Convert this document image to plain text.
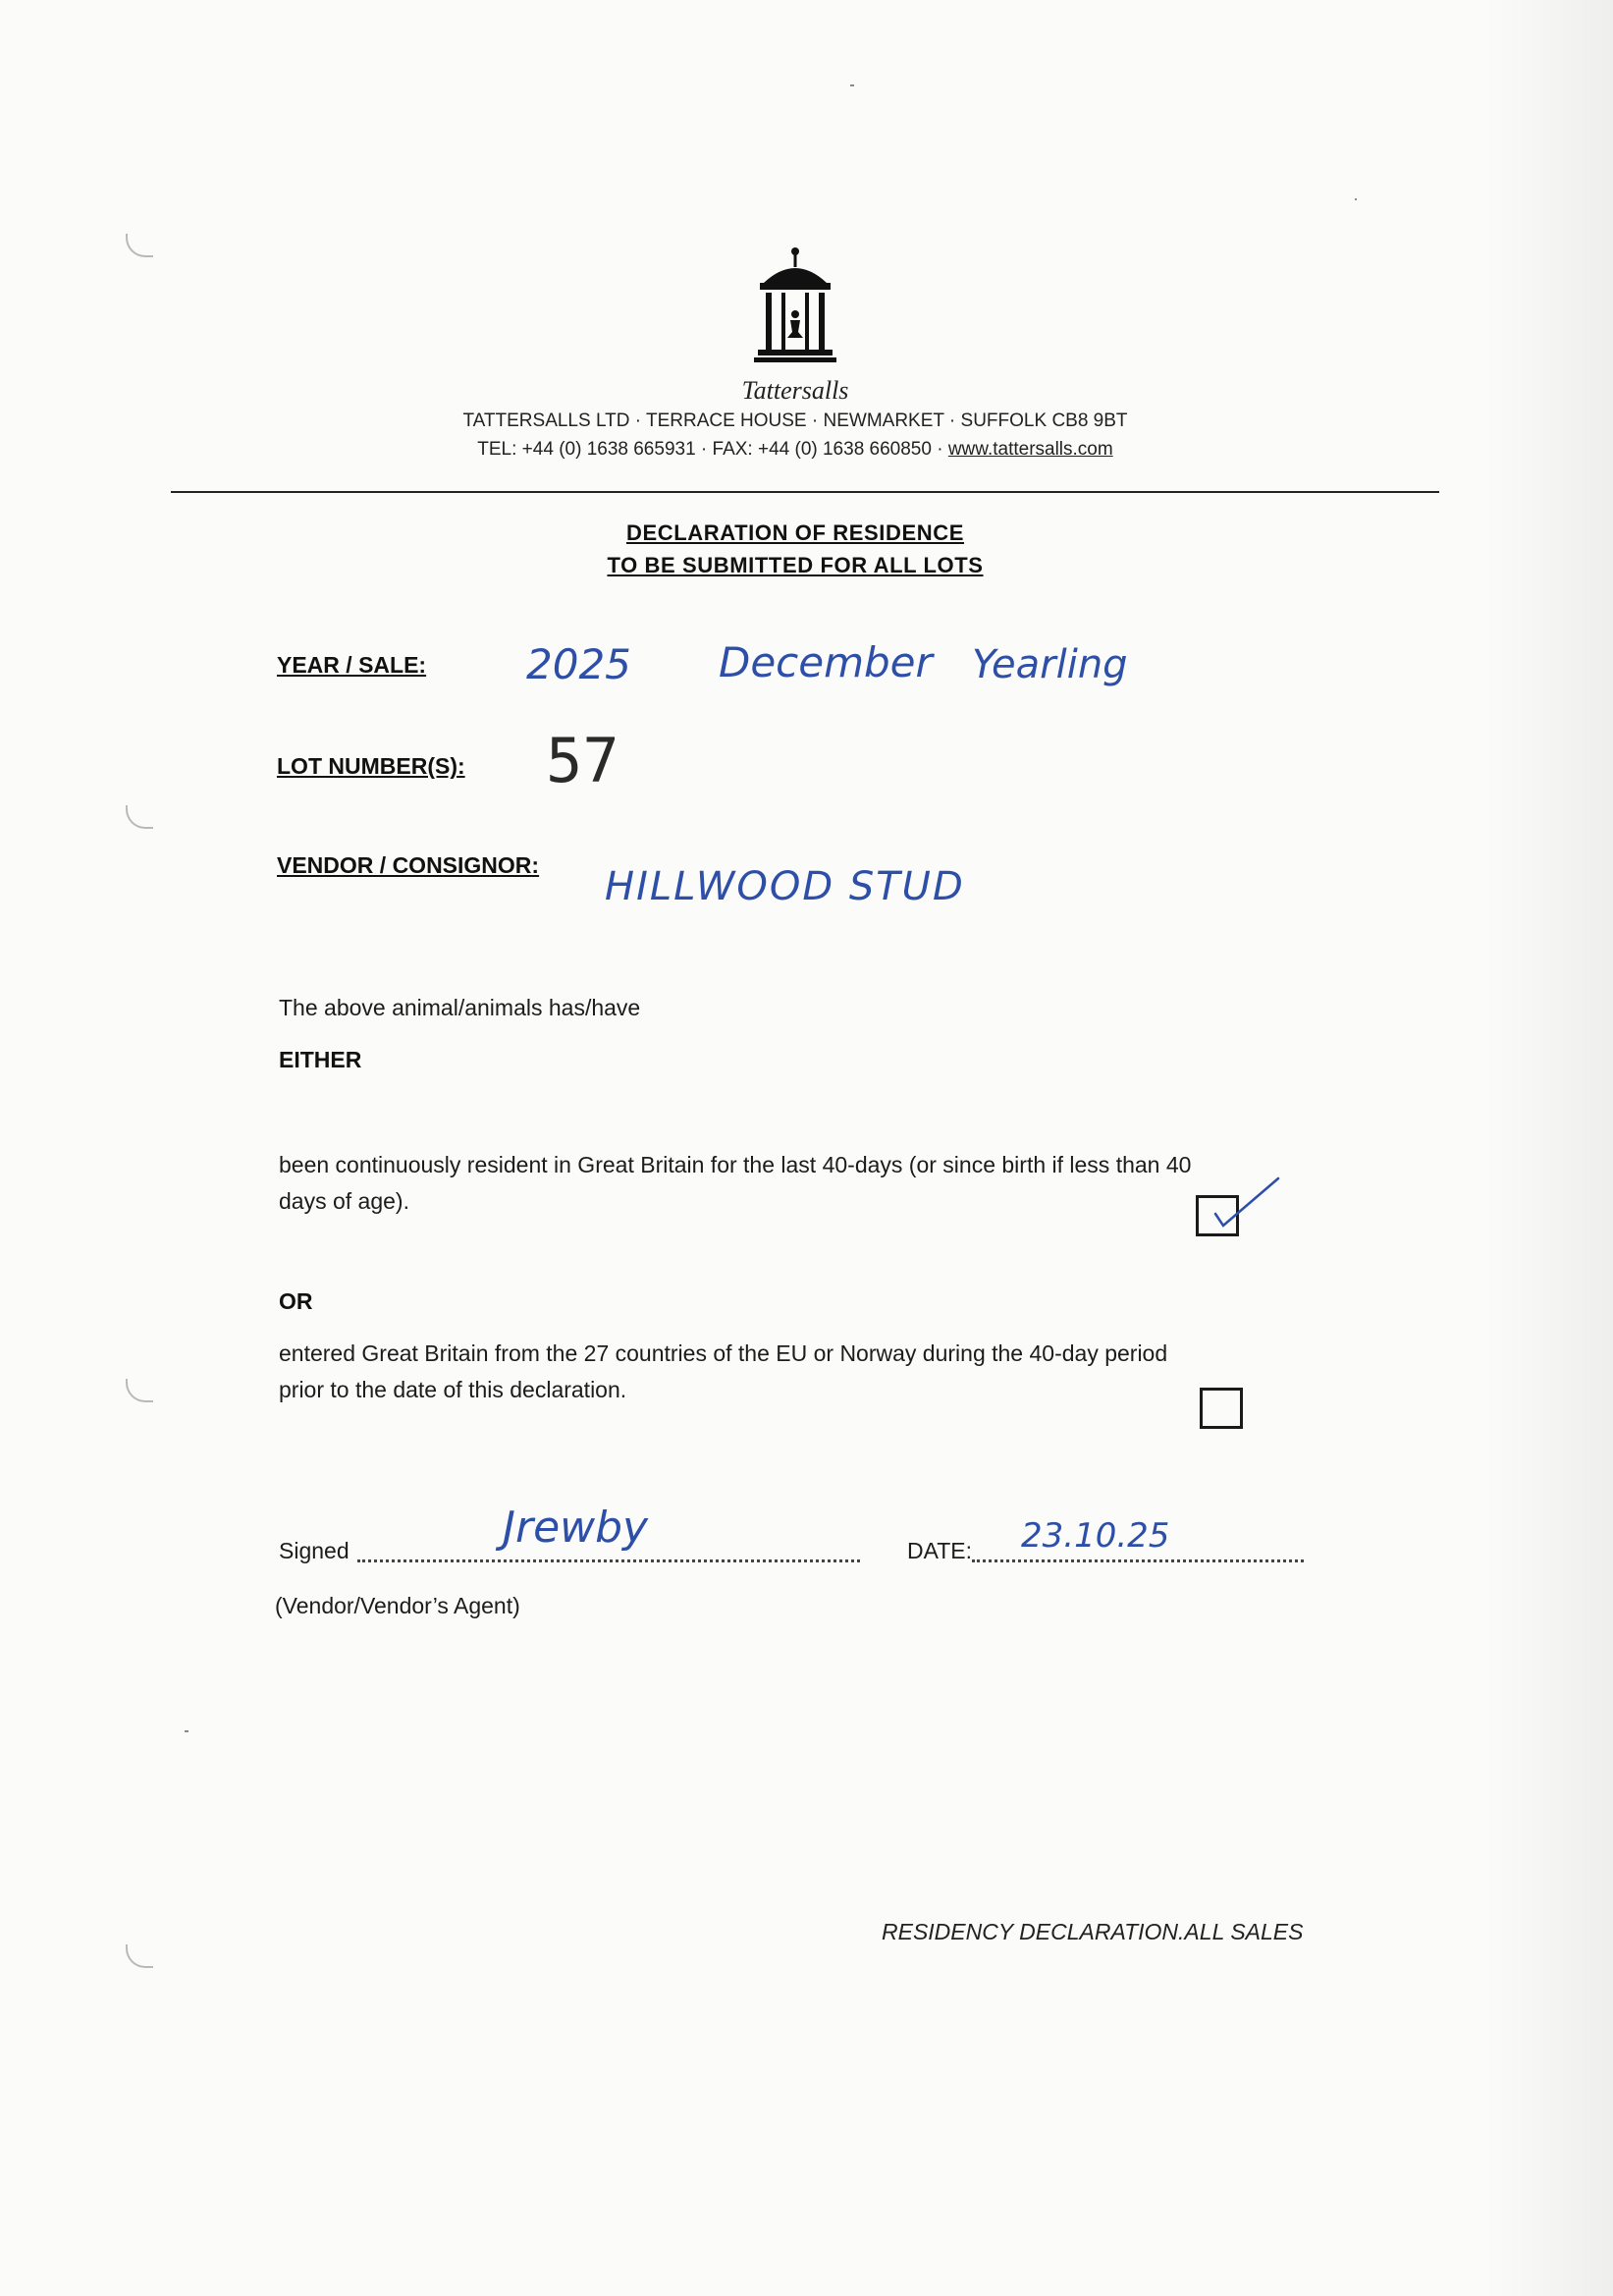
Tattersalls
TATTERSALLS LTD · TERRACE HOUSE · NEWMARKET · SUFFOLK CB8 9BT
TEL: +44 (0) 1638 665931 · FAX: +44 (0) 1638 660850 · www.tattersalls.com
DECLARATION OF RESIDENCE
TO BE SUBMITTED FOR ALL LOTS
YEAR / SALE: 2025 December Yearling
LOT NUMBER(S): 57
VENDOR / CONSIGNOR: HILLWOOD STUD
The above animal/animals has/have
EITHER
been continuously resident in Great Britain for the last 40-days (or since birth if less than 40
days of age).
OR
entered Great Britain from the 27 countries of the EU or Norway during the 40-day period
prior to the date of this declaration.
Signed	Jrewby	DATE: 23.10.25
(Vendor/Vendor’s Agent)
RESIDENCY DECLARATION.ALL SALES
